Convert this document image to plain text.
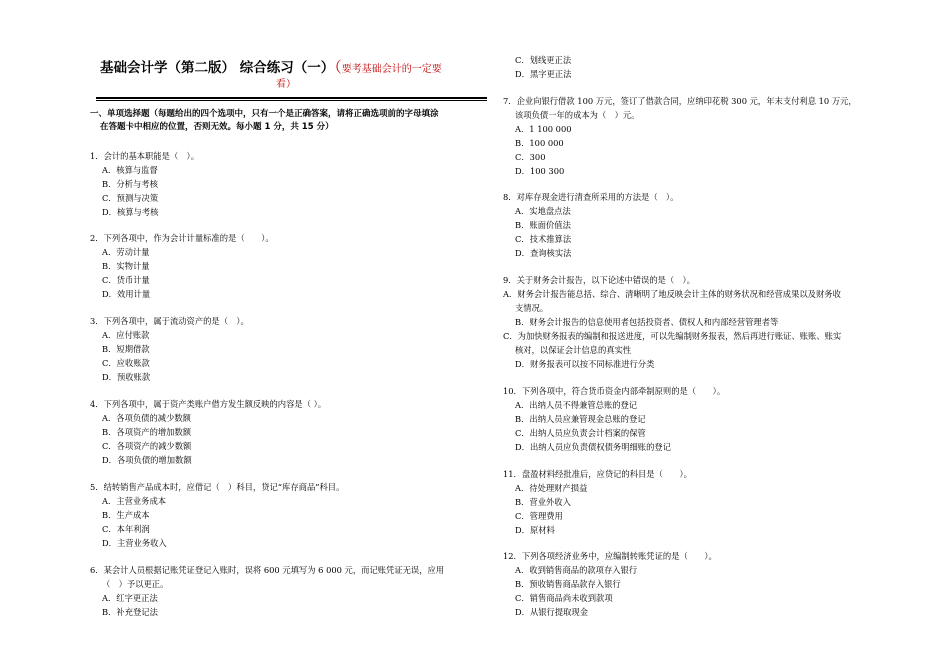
基础会计学（第二版） 综合练习（一）（要考基础会计的一定要
看）
一、单项选择题（每题给出的四个选项中，只有一个是正确答案，请将正确选项前的字母填涂
在答题卡中相应的位置，否则无效。每小题 1 分，共 15 分）
1．会计的基本职能是（　）。
A．核算与监督
B．分析与考核
C．预测与决策
D．核算与考核
2．下列各项中，作为会计计量标准的是（　　）。
A．劳动计量
B．实物计量
C．货币计量
D．效用计量
3．下列各项中，属于流动资产的是（　）。
A．应付账款
B．短期借款
C．应收账款
D．预收账款
4．下列各项中，属于资产类账户借方发生额反映的内容是（ ）。
A．各项负债的减少数额
B．各项资产的增加数额
C．各项资产的减少数额
D．各项负债的增加数额
5．结转销售产品成本时，应借记（　）科目，贷记“库存商品”科目。
A．主营业务成本
B．生产成本
C．本年利润
D．主营业务收入
6．某会计人员根据记账凭证登记入账时，误将 600 元填写为 6 000 元，而记账凭证无误，应用
（　）予以更正。
A．红字更正法
B．补充登记法
C．划线更正法
D．黑字更正法
7．企业向银行借款 100 万元，签订了借款合同，应纳印花税 300 元，年末支付利息 10 万元，
该项负债一年的成本为（　）元。
A．1 100 000
B．100 000
C．300
D．100 300
8．对库存现金进行清查所采用的方法是（　）。
A．实地盘点法
B．账面价值法
C．技术推算法
D．查询核实法
9．关于财务会计报告，以下论述中错误的是（　）。
A．财务会计报告能总括、综合、清晰明了地反映会计主体的财务状况和经营成果以及财务收
支情况。
B．财务会计报告的信息使用者包括投资者、债权人和内部经营管理者等
C．为加快财务报表的编制和报送进度，可以先编制财务报表，然后再进行账证、账账、账实
核对，以保证会计信息的真实性
D．财务报表可以按不同标准进行分类
10．下列各项中，符合货币资金内部牵制原则的是（　　）。
A．出纳人员不得兼管总账的登记
B．出纳人员应兼管现金总账的登记
C．出纳人员应负责会计档案的保管
D．出纳人员应负责债权债务明细账的登记
11．盘盈材料经批准后，应贷记的科目是（　　）。
A．待处理财产损益
B．营业外收入
C．管理费用
D．原材料
12．下列各项经济业务中，应编制转账凭证的是（　　）。
A．收到销售商品的款项存入银行
B．预收销售商品款存入银行
C．销售商品尚未收到款项
D．从银行提取现金
